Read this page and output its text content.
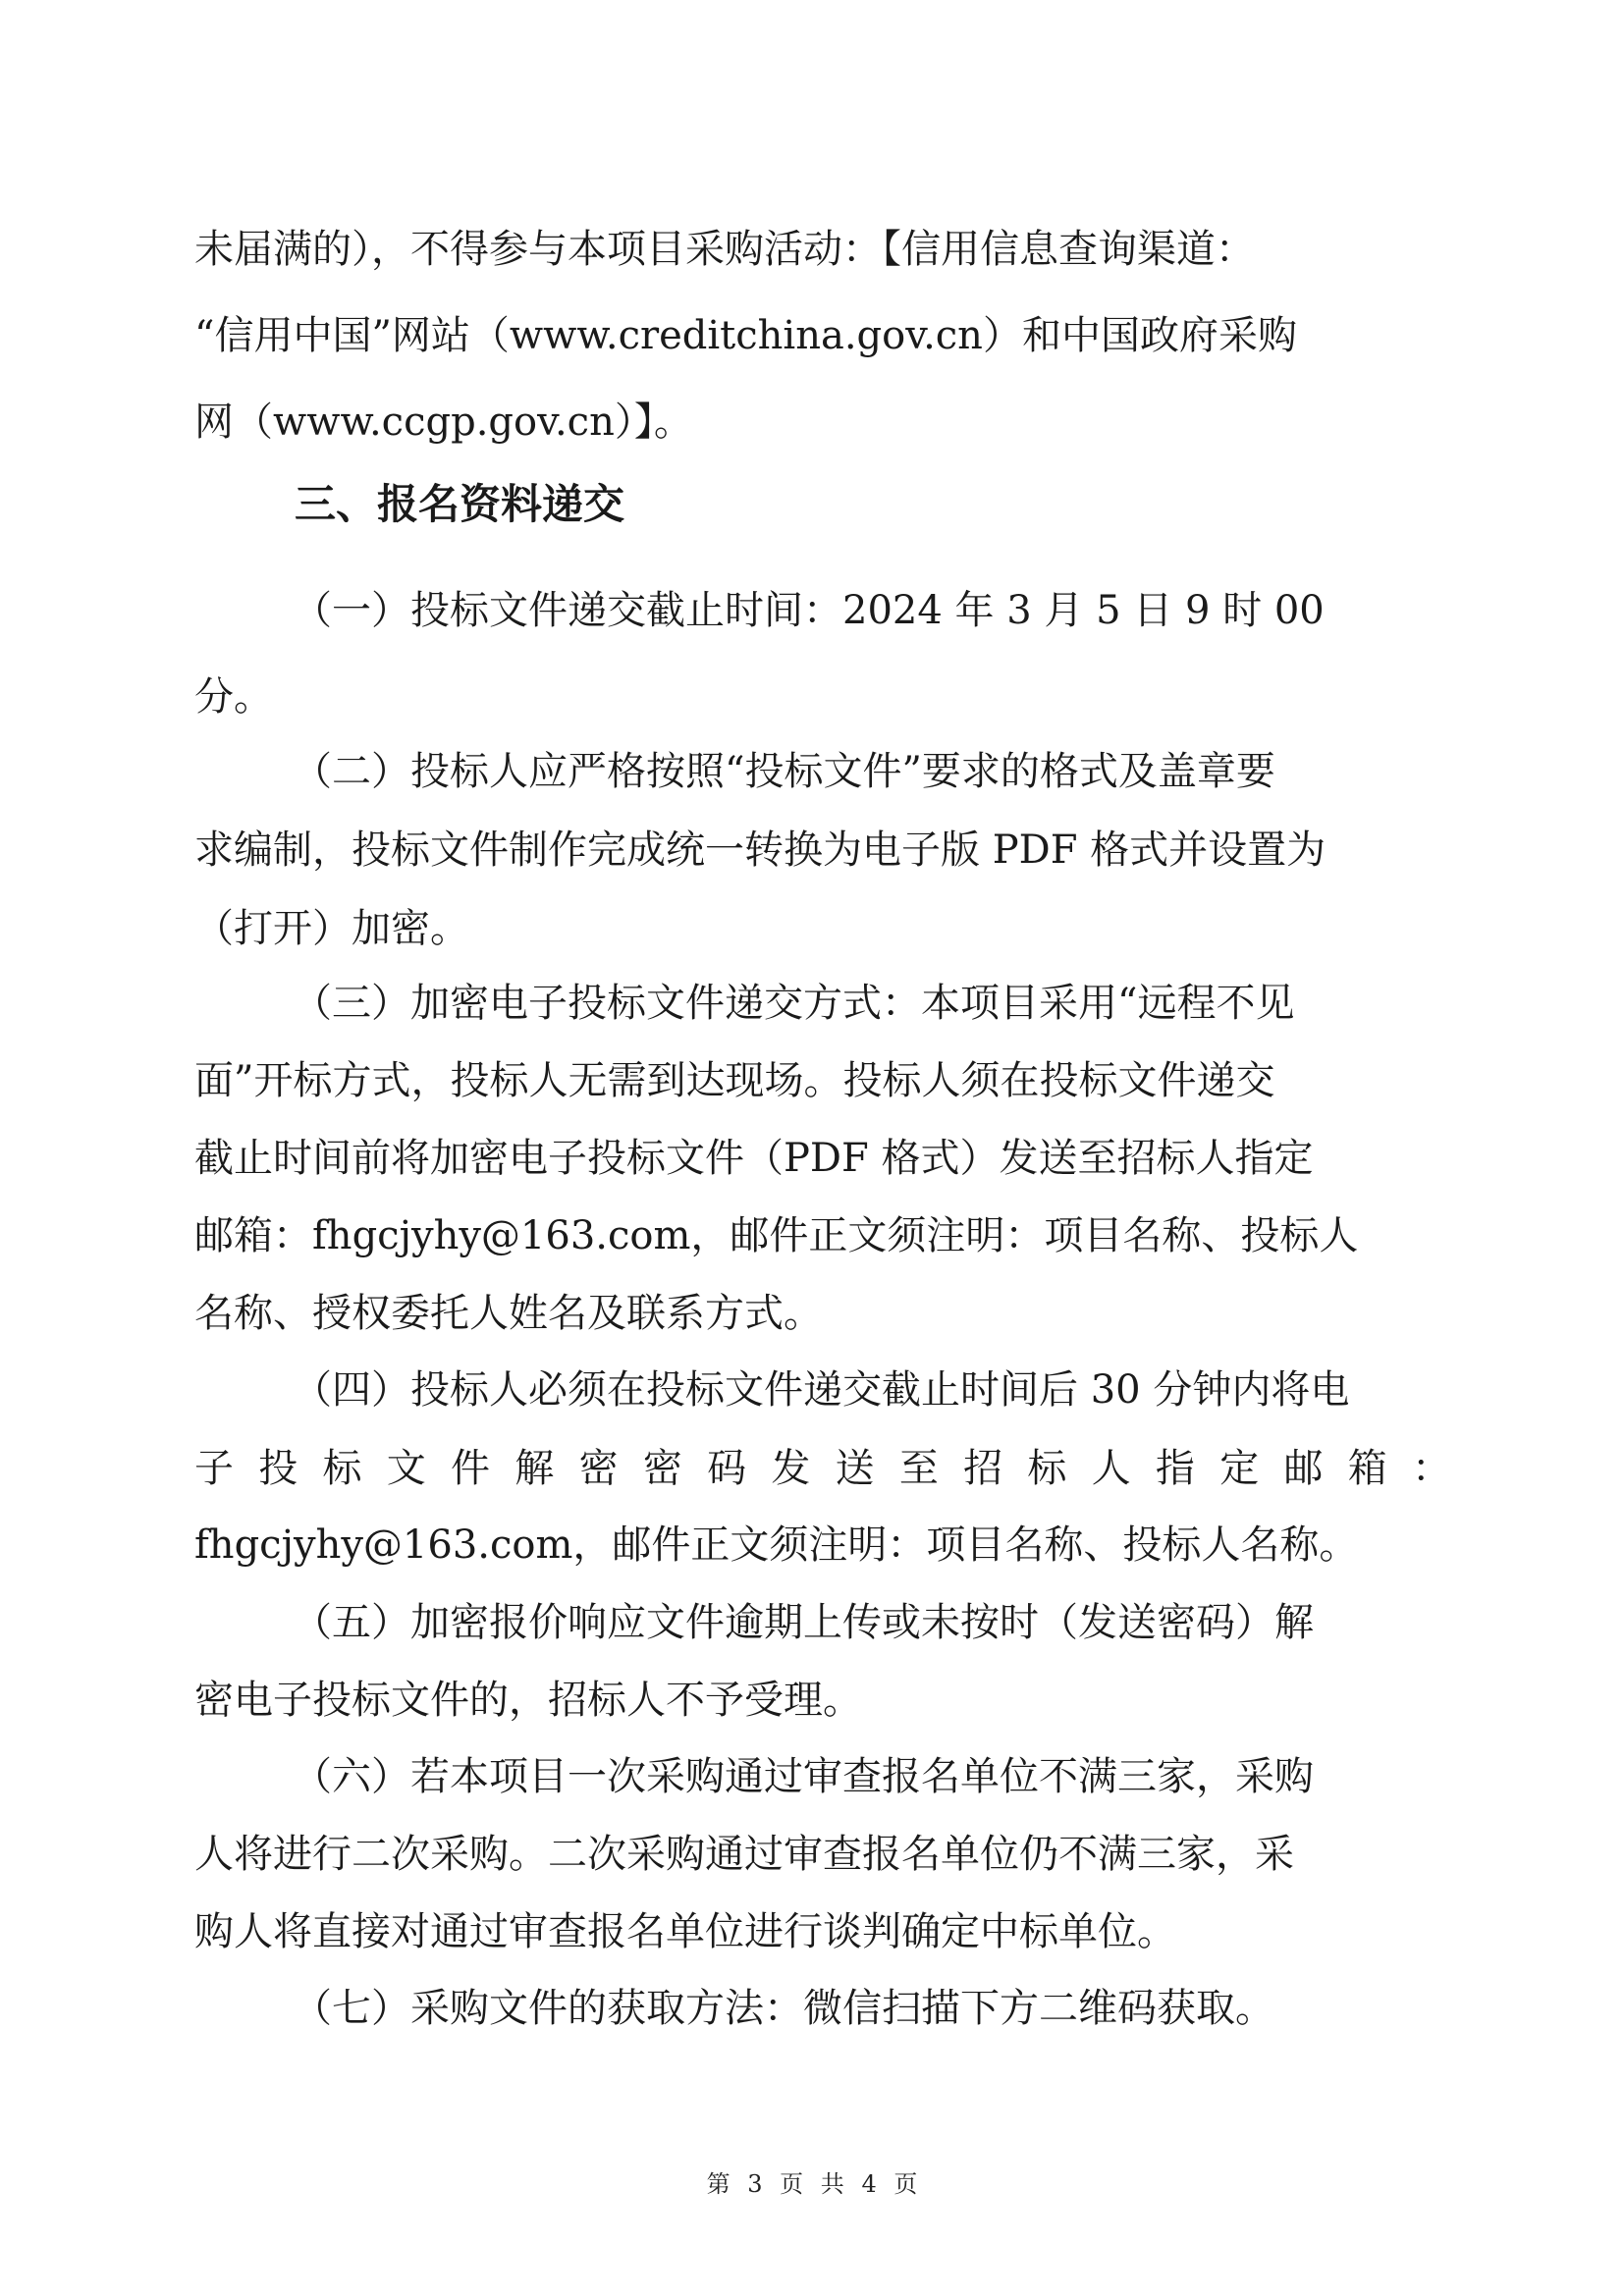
未届满的），不得参与本项目采购活动：【信用信息查询渠道：
“信用中国”网站（www.creditchina.gov.cn）和中国政府采购
网（www.ccgp.gov.cn）】。
三、报名资料递交
（一）投标文件递交截止时间：2024 年 3 月 5 日 9 时 00
分。
（二）投标人应严格按照“投标文件”要求的格式及盖章要
求编制，投标文件制作完成统一转换为电子版 PDF 格式并设置为
（打开）加密。
（三）加密电子投标文件递交方式：本项目采用“远程不见
面”开标方式，投标人无需到达现场。投标人须在投标文件递交
截止时间前将加密电子投标文件（PDF 格式）发送至招标人指定
邮箱：fhgcjyhy@163.com，邮件正文须注明：项目名称、投标人
名称、授权委托人姓名及联系方式。
（四）投标人必须在投标文件递交截止时间后 30 分钟内将电
子 投 标 文 件 解 密 密 码 发 送 至 招 标 人 指 定 邮 箱 ：
fhgcjyhy@163.com，邮件正文须注明：项目名称、投标人名称。
（五）加密报价响应文件逾期上传或未按时（发送密码）解
密电子投标文件的，招标人不予受理。
（六）若本项目一次采购通过审查报名单位不满三家，采购
人将进行二次采购。二次采购通过审查报名单位仍不满三家，采
购人将直接对通过审查报名单位进行谈判确定中标单位。
（七）采购文件的获取方法：微信扫描下方二维码获取。
第 3 页 共 4 页
